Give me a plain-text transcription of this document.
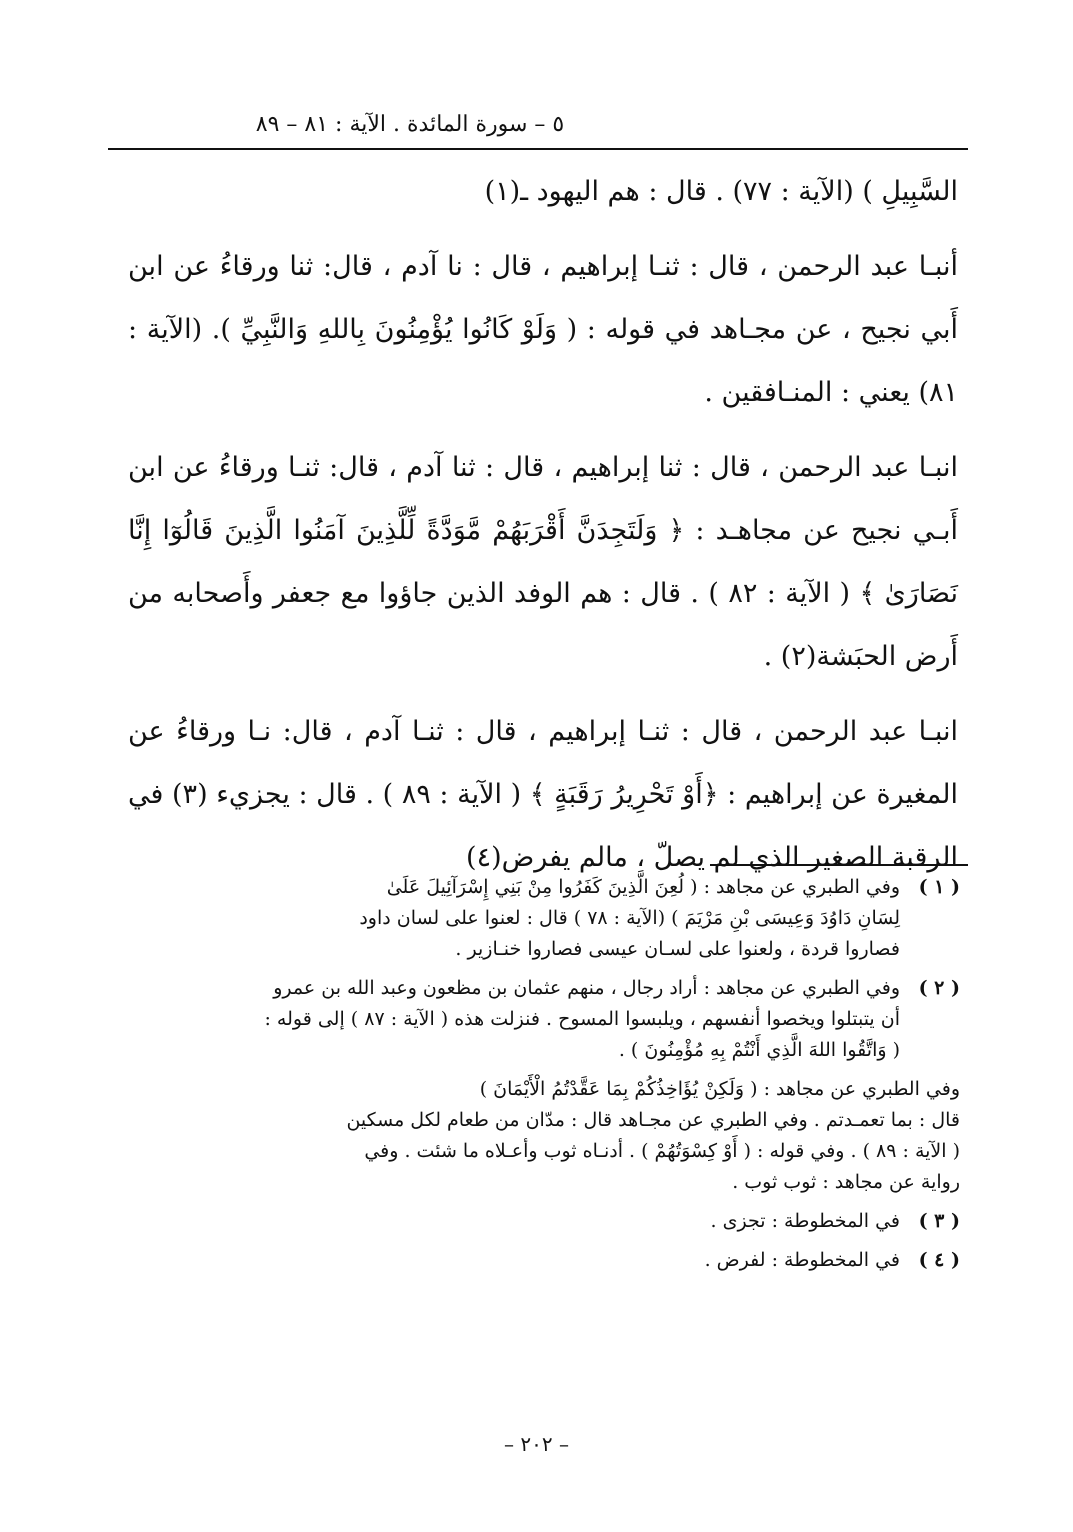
٥ – سورة المائدة . الآية : ٨١ – ٨٩

السَّبِيلِ ) (الآية : ٧٧) . قال : هم اليهود ـ(١)

أنبـا عبد الرحمن ، قال : ثنـا إبراهيم ، قال : نا آدم ، قال: ثنا ورقاءُ عن ابن أَبي نجيح ، عن مجـاهد في قوله : ( وَلَوْ كَانُوا يُؤْمِنُونَ بِاللهِ وَالنَّبِيِّ ). (الآية : ٨١) يعني : المنـافقين .

انبـا عبد الرحمن ، قال : ثنا إبراهيم ، قال : ثنا آدم ، قال: ثنـا ورقاءُ عن ابن أَبـي نجيح عن مجاهـد : ﴿ وَلَتَجِدَنَّ أَقْرَبَهُمْ مَّوَدَّةً لِّلَّذِينَ آمَنُوا الَّذِينَ قَالُوٓا إِنَّا نَصَارَىٰ ﴾ ( الآية : ٨٢ ) . قال : هم الوفد الذين جاؤوا مع جعفر وأَصحابه من أَرض الحبَشة(٢) .

انبـا عبد الرحمن ، قال : ثنـا إبراهيم ، قال : ثنـا آدم ، قال: نـا ورقاءُ عن المغيرة عن إبراهيم : ﴿أَوْ تَحْرِيرُ رَقَبَةٍ ﴾ ( الآية : ٨٩ ) . قال : يجزيء (٣) في الرقبة الصغير الذي لم يصلّ ، مالم يفرض(٤)

( ١ )
وفي الطبري عن مجاهد : ( لُعِنَ الَّذِينَ كَفَرُوا مِنْ بَنِي إِسْرَآئِيلَ عَلَىٰ
لِسَانِ دَاوُدَ وَعِيسَى بْنِ مَرْيَمَ ) (الآية : ٧٨ ) قال : لعنوا على لسان داود
فصاروا قردة ، ولعنوا على لسـان عيسى فصاروا خنـازير .
( ٢ )
وفي الطبري عن مجاهد : أراد رجال ، منهم عثمان بن مظعون وعبد الله بن عمرو
أن يتبتلوا ويخصوا أنفسهم ، ويلبسوا المسوح . فنزلت هذه ( الآية : ٨٧ ) إلى قوله :
( وَاتَّقُوا اللهَ الَّذِي أَنْتُمْ بِهِ مُؤْمِنُونَ ) .
وفي الطبري عن مجاهد : ( وَلَكِنْ يُؤَاخِذُكُمْ بِمَا عَقَّدْتُمُ الْأَيْمَانَ )
قال : بما تعمـدتم . وفي الطبري عن مجـاهد قال : مدّان من طعام لكل مسكين
( الآية : ٨٩ ) . وفي قوله : ( أَوْ كِسْوَتُهُمْ ) . أدنـاه ثوب وأعـلاه ما شئت . وفي
رواية عن مجاهد : ثوب ثوب .
( ٣ )
في المخطوطة : تجزى .
( ٤ )
في المخطوطة : لفرض .
– ٢٠٢ –
